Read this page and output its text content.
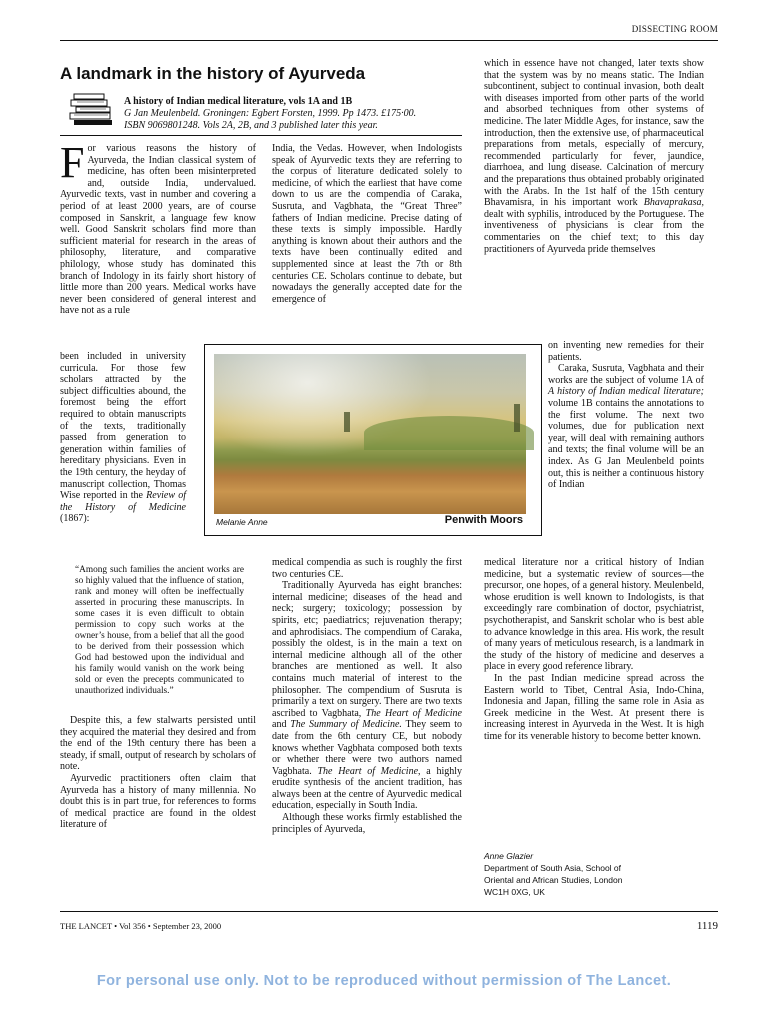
DISSECTING ROOM
A landmark in the history of Ayurveda
A history of Indian medical literature, vols 1A and 1B
G Jan Meulenbeld. Groningen: Egbert Forsten, 1999. Pp 1473. £175·00.
ISBN 9069801248. Vols 2A, 2B, and 3 published later this year.

For various reasons the history of Ayurveda, the Indian classical system of medicine, has often been misinterpreted and, outside India, undervalued. Ayurvedic texts, vast in number and covering a period of at least 2000 years, are of course composed in Sanskrit, a language few know well. Good Sanskrit scholars find more than sufficient material for research in the areas of philosophy, literature, and comparative philology, whose study has dominated this branch of Indology in its fairly short history of little more than 200 years. Medical works have never been considered of general interest and have not as a rule

been included in university curricula. For those few scholars attracted by the subject difficulties abound, the foremost being the effort required to obtain manuscripts of the texts, traditionally passed from generation to generation within families of hereditary physicians. Even in the 19th century, the heyday of manuscript collection, Thomas Wise reported in the Review of the History of Medicine (1867):

“Among such families the ancient works are so highly valued that the influence of station, rank and money will often be ineffectually asserted in procuring these manuscripts. In some cases it is even difficult to obtain permission to copy such works at the owner’s house, from a belief that all the good to be derived from their possession which God had bestowed upon the individual and his family would vanish on the work being sold or even the precepts communicated to unauthorized individuals.”

Despite this, a few stalwarts persisted until they acquired the material they desired and from the end of the 19th century there has been a steady, if small, output of research by scholars of note.

Ayurvedic practitioners often claim that Ayurveda has a history of many millennia. No doubt this is in part true, for references to forms of medical practice are found in the oldest literature of

India, the Vedas. However, when Indologists speak of Ayurvedic texts they are referring to the corpus of literature dedicated solely to medicine, of which the earliest that have come down to us are the compendia of Caraka, Susruta, and Vagbhata, the “Great Three” fathers of Indian medicine. Precise dating of these texts is simply impossible. Hardly anything is known about their authors and the texts have been continually edited and supplemented since at least the 7th or 8th centuries CE. Scholars continue to debate, but nowadays the generally accepted date for the emergence of

medical compendia as such is roughly the first two centuries CE.

Traditionally Ayurveda has eight branches: internal medicine; diseases of the head and neck; surgery; toxicology; possession by spirits, etc; paediatrics; rejuvenation therapy; and aphrodisiacs. The compendium of Caraka, possibly the oldest, is in the main a text on internal medicine although all of the other branches are mentioned as well. It also contains much material of interest to the philosopher. The compendium of Susruta is primarily a text on surgery. There are two texts ascribed to Vagbhata, The Heart of Medicine and The Summary of Medicine. They seem to date from the 6th century CE, but nobody knows whether Vagbhata composed both texts or whether there were two authors named Vagbhata. The Heart of Medicine, a highly erudite synthesis of the ancient tradition, has always been at the centre of Ayurvedic medical education, especially in South India.

Although these works firmly established the principles of Ayurveda,

which in essence have not changed, later texts show that the system was by no means static. The Indian subcontinent, subject to continual invasion, both dealt with diseases imported from other parts of the world and absorbed techniques from other systems of medicine. The later Middle Ages, for instance, saw the introduction, then the extensive use, of pharmaceutical preparations from metals, especially of mercury, recommended particularly for fever, jaundice, diarrhoea, and lung disease. Calcination of mercury and the preparations thus obtained probably originated with the Arabs. In the 1st half of the 15th century Bhavamisra, in his important work Bhavaprakasa, dealt with syphilis, introduced by the Portuguese. The inventiveness of physicians is clear from the commentaries on the chief text; to this day practitioners of Ayurveda pride themselves

on inventing new remedies for their patients.

Caraka, Susruta, Vagbhata and their works are the subject of volume 1A of A history of Indian medical literature; volume 1B contains the annotations to the first volume. The next two volumes, due for publication next year, will deal with remaining authors and texts; the final volume will be an index. As G Jan Meulenbeld points out, this is neither a continuous history of Indian

medical literature nor a critical history of Indian medicine, but a systematic review of sources—the precursor, one hopes, of a general history. Meulenbeld, whose erudition is well known to Indologists, is that exceedingly rare combination of doctor, psychiatrist, psychotherapist, and Sanskrit scholar who is best able to advance knowledge in this area. His work, the result of many years of meticulous research, is a landmark in the study of the history of medicine and deserves a place in every good reference library.

In the past Indian medicine spread across the Eastern world to Tibet, Central Asia, Indo-China, Indonesia and Japan, filling the same role in Asia as Greek medicine in the West. At present there is increasing interest in Ayurveda in the West. It is high time for its venerable history to become better known.

Melanie Anne	Penwith Moors
Anne Glazier
Department of South Asia, School of
Oriental and African Studies, London
WC1H 0XG, UK
THE LANCET • Vol 356 • September 23, 2000	1119
For personal use only. Not to be reproduced without permission of The Lancet.
